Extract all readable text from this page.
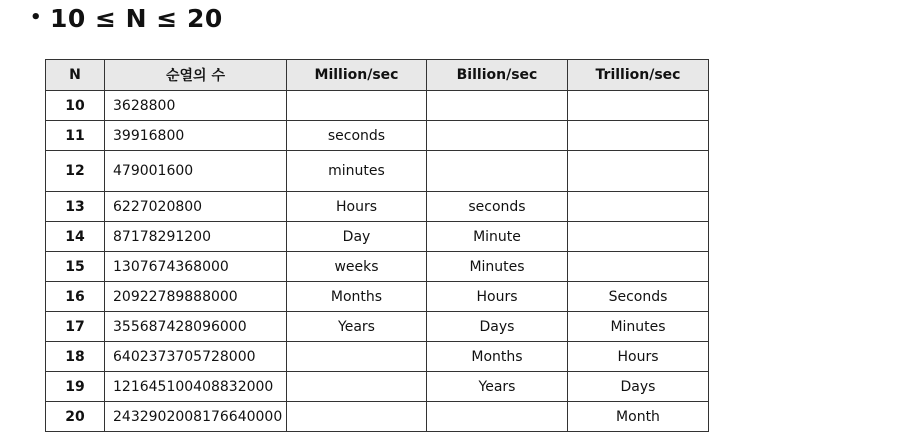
• 10 ≤ N ≤ 20
N	순열의 수	Million/sec	Billion/sec	Trillion/sec
10	3628800			
11	39916800	seconds		
12	479001600	minutes		
13	6227020800	Hours	seconds	
14	87178291200	Day	Minute	
15	1307674368000	weeks	Minutes	
16	20922789888000	Months	Hours	Seconds
17	355687428096000	Years	Days	Minutes
18	6402373705728000		Months	Hours
19	121645100408832000		Years	Days
20	2432902008176640000			Month
